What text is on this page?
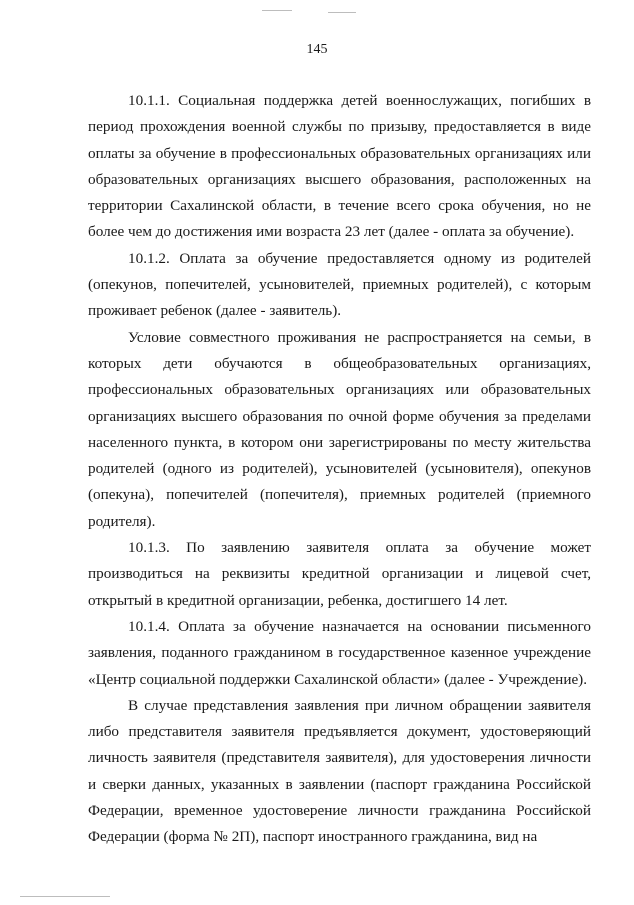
145

10.1.1. Социальная поддержка детей военнослужащих, погибших в период прохождения военной службы по призыву, предоставляется в виде оплаты за обучение в профессиональных образовательных организациях или образовательных организациях высшего образования, расположенных на территории Сахалинской области, в течение всего срока обучения, но не более чем до достижения ими возраста 23 лет (далее - оплата за обучение).

10.1.2. Оплата за обучение предоставляется одному из родителей (опекунов, попечителей, усыновителей, приемных родителей), с которым проживает ребенок (далее - заявитель).

Условие совместного проживания не распространяется на семьи, в которых дети обучаются в общеобразовательных организациях, профессиональных образовательных организациях или образовательных организациях высшего образования по очной форме обучения за пределами населенного пункта, в котором они зарегистрированы по месту жительства родителей (одного из родителей), усыновителей (усыновителя), опекунов (опекуна), попечителей (попечителя), приемных родителей (приемного родителя).

10.1.3. По заявлению заявителя оплата за обучение может производиться на реквизиты кредитной организации и лицевой счет, открытый в кредитной организации, ребенка, достигшего 14 лет.

10.1.4. Оплата за обучение назначается на основании письменного заявления, поданного гражданином в государственное казенное учреждение «Центр социальной поддержки Сахалинской области» (далее - Учреждение).

В случае представления заявления при личном обращении заявителя либо представителя заявителя предъявляется документ, удостоверяющий личность заявителя (представителя заявителя), для удостоверения личности и сверки данных, указанных в заявлении (паспорт гражданина Российской Федерации, временное удостоверение личности гражданина Российской Федерации (форма № 2П), паспорт иностранного гражданина, вид на
